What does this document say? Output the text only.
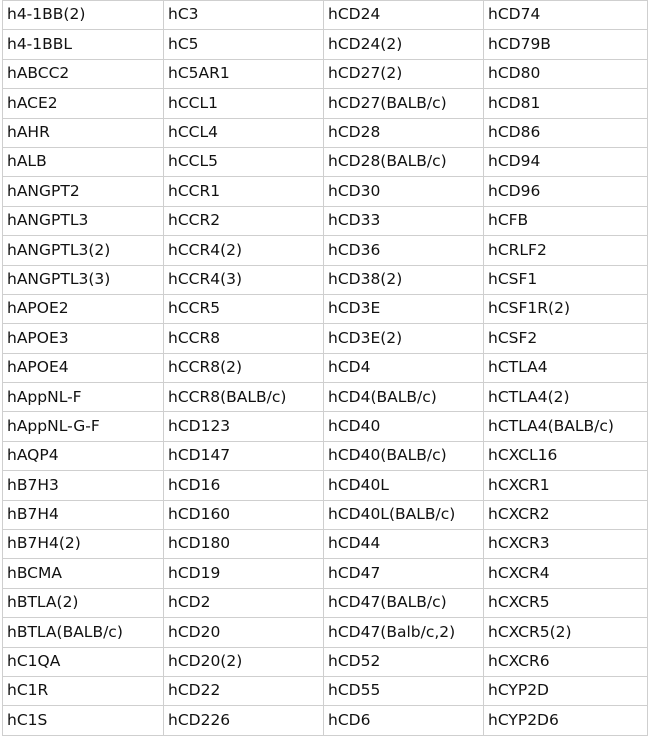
h4-1BB(2)	hC3	hCD24	hCD74
h4-1BBL	hC5	hCD24(2)	hCD79B
hABCC2	hC5AR1	hCD27(2)	hCD80
hACE2	hCCL1	hCD27(BALB/c)	hCD81
hAHR	hCCL4	hCD28	hCD86
hALB	hCCL5	hCD28(BALB/c)	hCD94
hANGPT2	hCCR1	hCD30	hCD96
hANGPTL3	hCCR2	hCD33	hCFB
hANGPTL3(2)	hCCR4(2)	hCD36	hCRLF2
hANGPTL3(3)	hCCR4(3)	hCD38(2)	hCSF1
hAPOE2	hCCR5	hCD3E	hCSF1R(2)
hAPOE3	hCCR8	hCD3E(2)	hCSF2
hAPOE4	hCCR8(2)	hCD4	hCTLA4
hAppNL-F	hCCR8(BALB/c)	hCD4(BALB/c)	hCTLA4(2)
hAppNL-G-F	hCD123	hCD40	hCTLA4(BALB/c)
hAQP4	hCD147	hCD40(BALB/c)	hCXCL16
hB7H3	hCD16	hCD40L	hCXCR1
hB7H4	hCD160	hCD40L(BALB/c)	hCXCR2
hB7H4(2)	hCD180	hCD44	hCXCR3
hBCMA	hCD19	hCD47	hCXCR4
hBTLA(2)	hCD2	hCD47(BALB/c)	hCXCR5
hBTLA(BALB/c)	hCD20	hCD47(Balb/c,2)	hCXCR5(2)
hC1QA	hCD20(2)	hCD52	hCXCR6
hC1R	hCD22	hCD55	hCYP2D
hC1S	hCD226	hCD6	hCYP2D6
